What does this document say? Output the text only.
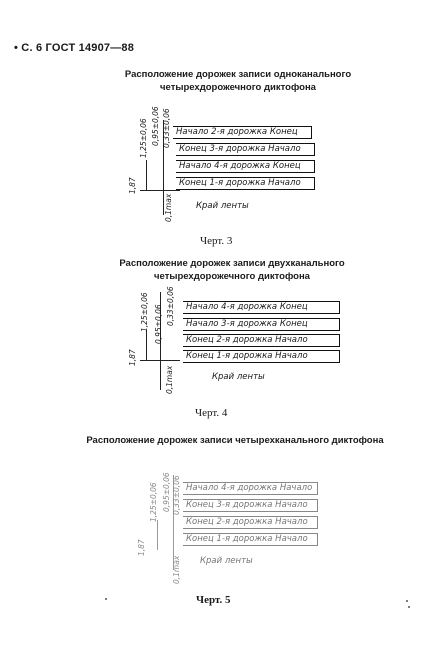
• С. 6 ГОСТ 14907—88
Расположение дорожек записи одноканального четырехдорожечного диктофона
1,25±0,06 0,95±0,06 0,33±0,06
1,87
0,1max
Начало 2-я дорожка Конец
Конец 3-я дорожка Начало
Начало 4-я дорожка Конец
Конец 1-я дорожка Начало
Край ленты
Черт. 3
Расположение дорожек записи двухканального четырехдорожечного диктофона
1,25±0,06 0,95±0,06 0,33±0,06
1,87
0,1max
Начало 4-я дорожка Конец
Начало 3-я дорожка Конец
Конец 2-я дорожка Начало
Конец 1-я дорожка Начало
Край ленты
Черт. 4
Расположение дорожек записи четырехканального диктофона
1,25±0,06 0,95±0,06 0,33±0,06
1,87
0,1max
Начало 4-я дорожка Начало
Конец 3-я дорожка Начало
Конец 2-я дорожка Начало
Конец 1-я дорожка Начало
Край ленты
Черт. 5
